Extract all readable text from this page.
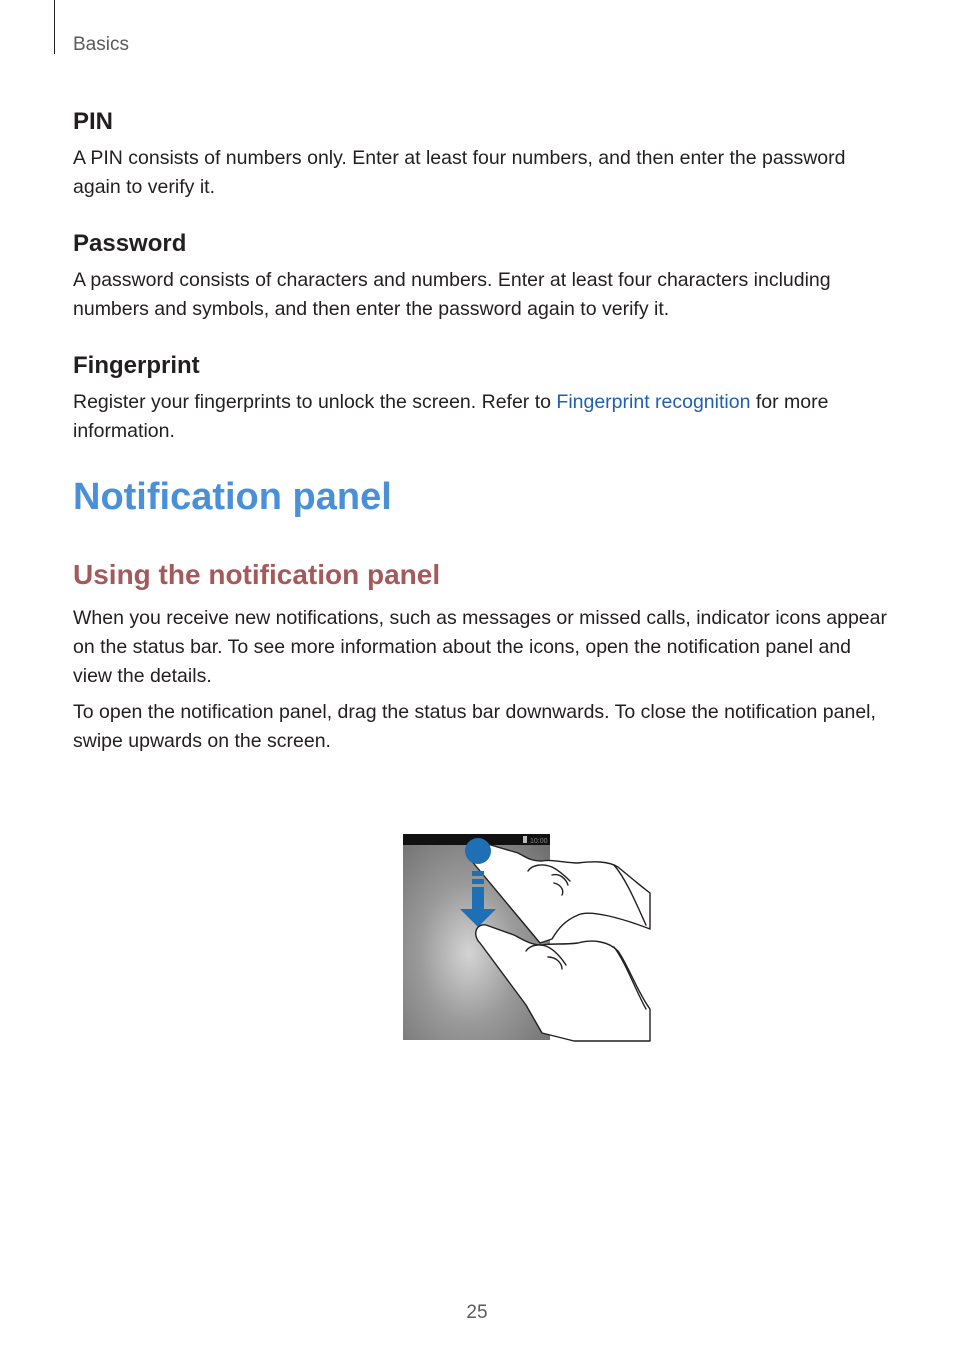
Basics
PIN

A PIN consists of numbers only. Enter at least four numbers, and then enter the password again to verify it.

Password

A password consists of characters and numbers. Enter at least four characters including numbers and symbols, and then enter the password again to verify it.

Fingerprint

Register your fingerprints to unlock the screen. Refer to Fingerprint recognition for more information.

Notification panel
Using the notification panel

When you receive new notifications, such as messages or missed calls, indicator icons appear on the status bar. To see more information about the icons, open the notification panel and view the details.

To open the notification panel, drag the status bar downwards. To close the notification panel, swipe upwards on the screen.

10:00
25
